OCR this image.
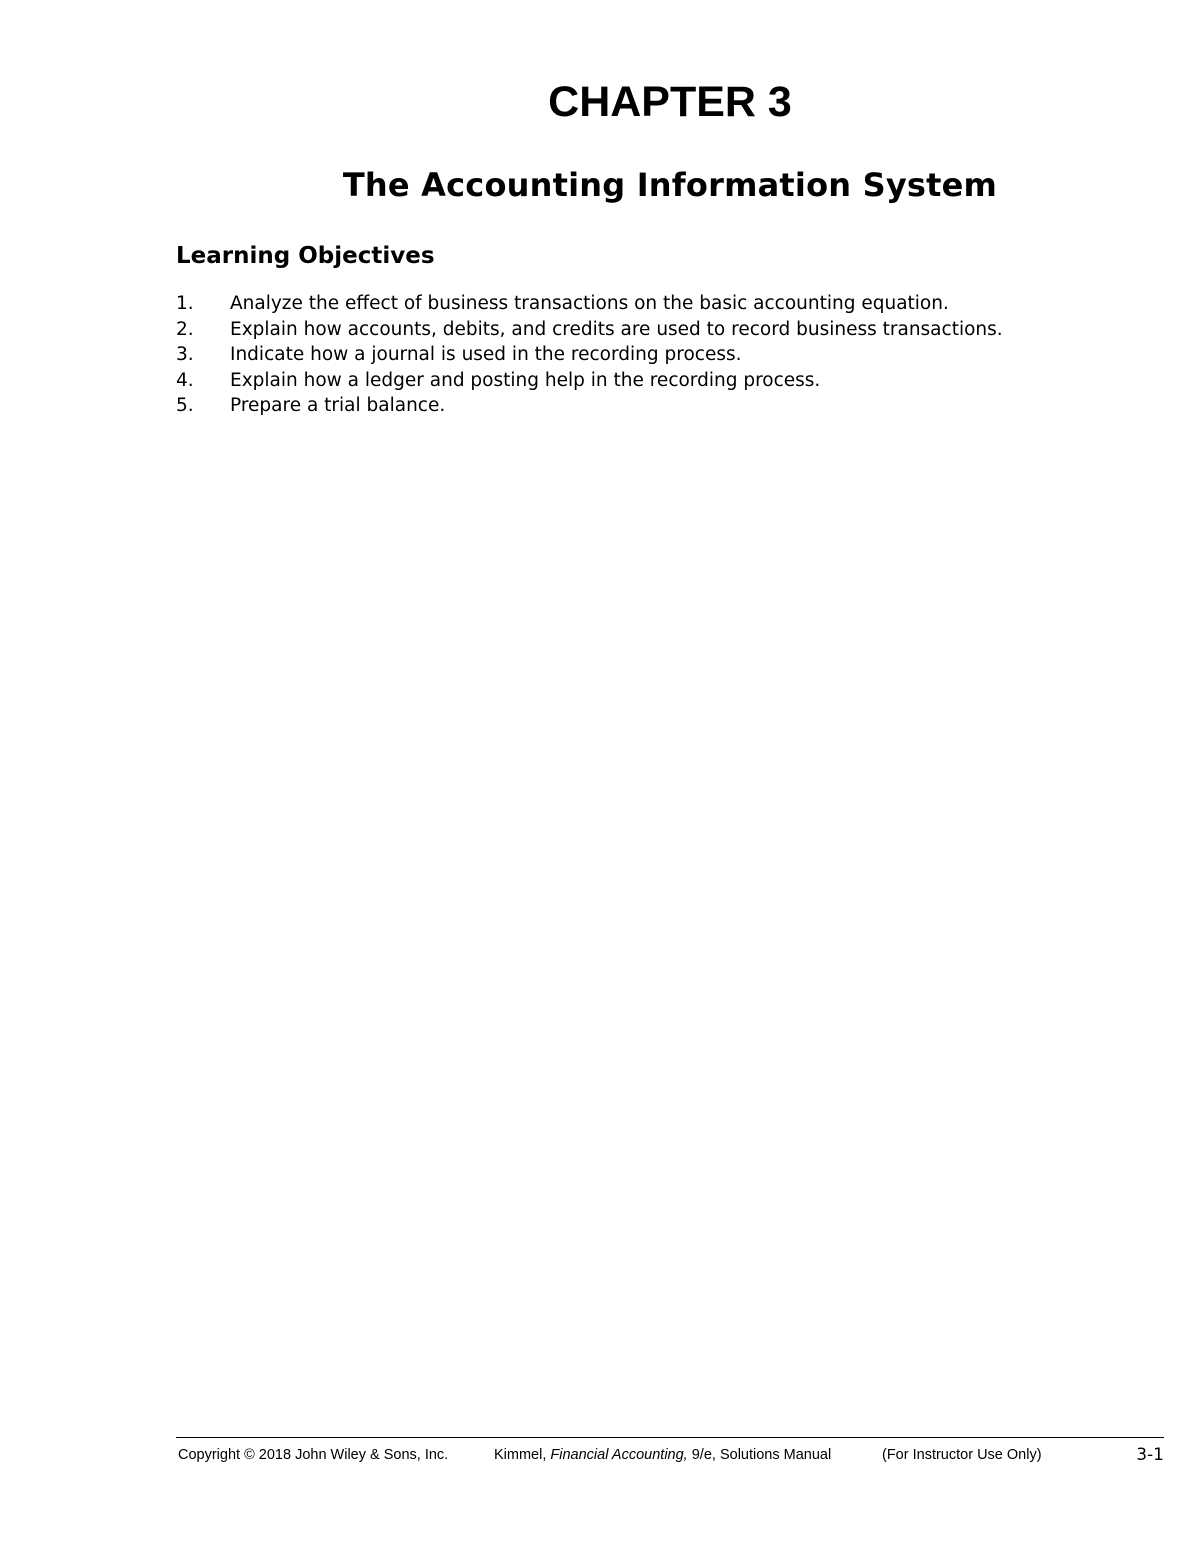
CHAPTER 3
The Accounting Information System
Learning Objectives
1.	Analyze the effect of business transactions on the basic accounting equation.
2.	Explain how accounts, debits, and credits are used to record business transactions.
3.	Indicate how a journal is used in the recording process.
4.	Explain how a ledger and posting help in the recording process.
5.	Prepare a trial balance.
Copyright © 2018 John Wiley & Sons, Inc.	Kimmel, Financial Accounting, 9/e, Solutions Manual	(For Instructor Use Only)	3-1
